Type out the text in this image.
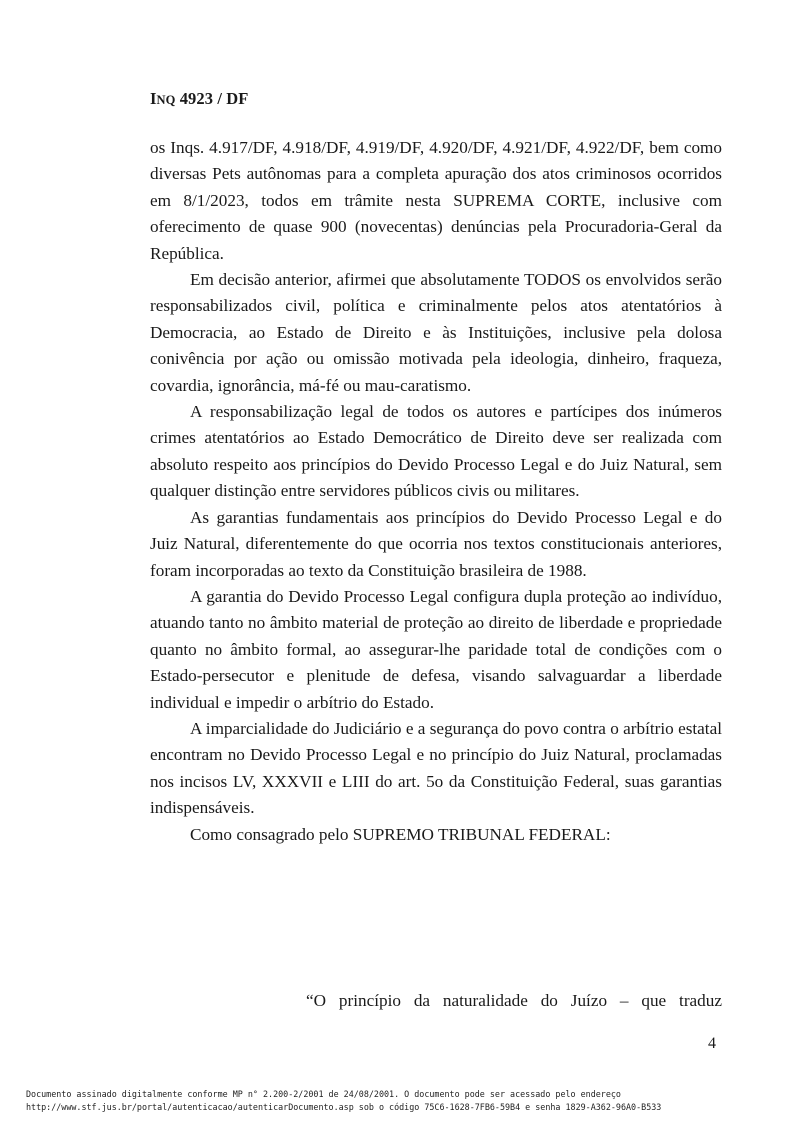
INQ 4923 / DF

os Inqs. 4.917/DF, 4.918/DF, 4.919/DF, 4.920/DF, 4.921/DF, 4.922/DF, bem como diversas Pets autônomas para a completa apuração dos atos criminosos ocorridos em 8/1/2023, todos em trâmite nesta SUPREMA CORTE, inclusive com oferecimento de quase 900 (novecentas) denúncias pela Procuradoria-Geral da República.

Em decisão anterior, afirmei que absolutamente TODOS os envolvidos serão responsabilizados civil, política e criminalmente pelos atos atentatórios à Democracia, ao Estado de Direito e às Instituições, inclusive pela dolosa conivência por ação ou omissão motivada pela ideologia, dinheiro, fraqueza, covardia, ignorância, má-fé ou mau-caratismo.

A responsabilização legal de todos os autores e partícipes dos inúmeros crimes atentatórios ao Estado Democrático de Direito deve ser realizada com absoluto respeito aos princípios do Devido Processo Legal e do Juiz Natural, sem qualquer distinção entre servidores públicos civis ou militares.

As garantias fundamentais aos princípios do Devido Processo Legal e do Juiz Natural, diferentemente do que ocorria nos textos constitucionais anteriores, foram incorporadas ao texto da Constituição brasileira de 1988.

A garantia do Devido Processo Legal configura dupla proteção ao indivíduo, atuando tanto no âmbito material de proteção ao direito de liberdade e propriedade quanto no âmbito formal, ao assegurar-lhe paridade total de condições com o Estado-persecutor e plenitude de defesa, visando salvaguardar a liberdade individual e impedir o arbítrio do Estado.

A imparcialidade do Judiciário e a segurança do povo contra o arbítrio estatal encontram no Devido Processo Legal e no princípio do Juiz Natural, proclamadas nos incisos LV, XXXVII e LIII do art. 5o da Constituição Federal, suas garantias indispensáveis.

Como consagrado pelo SUPREMO TRIBUNAL FEDERAL:

“O princípio da naturalidade do Juízo – que traduz
4
Documento assinado digitalmente conforme MP n° 2.200-2/2001 de 24/08/2001. O documento pode ser acessado pelo endereço
http://www.stf.jus.br/portal/autenticacao/autenticarDocumento.asp sob o código 75C6-1628-7FB6-59B4 e senha 1829-A362-96A0-B533
